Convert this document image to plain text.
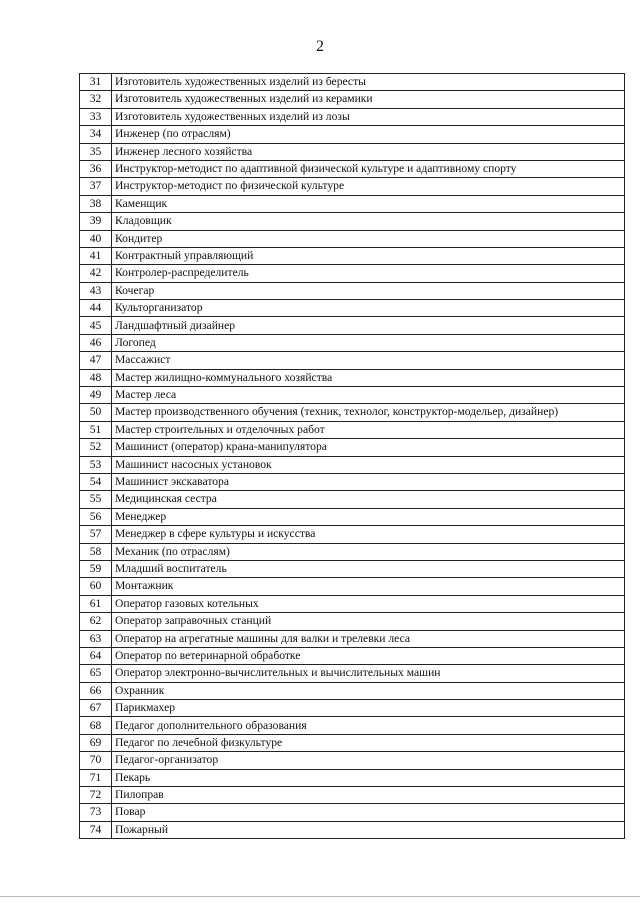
2
31	Изготовитель художественных изделий из бересты
32	Изготовитель художественных изделий из керамики
33	Изготовитель художественных изделий из лозы
34	Инженер (по отраслям)
35	Инженер лесного хозяйства
36	Инструктор-методист по адаптивной физической культуре и адаптивному спорту
37	Инструктор-методист по физической культуре
38	Каменщик
39	Кладовщик
40	Кондитер
41	Контрактный управляющий
42	Контролер-распределитель
43	Кочегар
44	Культорганизатор
45	Ландшафтный дизайнер
46	Логопед
47	Массажист
48	Мастер жилищно-коммунального хозяйства
49	Мастер леса
50	Мастер производственного обучения (техник, технолог, конструктор-модельер, дизайнер)
51	Мастер строительных и отделочных работ
52	Машинист (оператор) крана-манипулятора
53	Машинист насосных установок
54	Машинист экскаватора
55	Медицинская сестра
56	Менеджер
57	Менеджер в сфере культуры и искусства
58	Механик (по отраслям)
59	Младший воспитатель
60	Монтажник
61	Оператор газовых котельных
62	Оператор заправочных станций
63	Оператор на агрегатные машины для валки и трелевки леса
64	Оператор по ветеринарной обработке
65	Оператор электронно-вычислительных и вычислительных машин
66	Охранник
67	Парикмахер
68	Педагог дополнительного образования
69	Педагог по лечебной физкультуре
70	Педагог-организатор
71	Пекарь
72	Пилоправ
73	Повар
74	Пожарный
